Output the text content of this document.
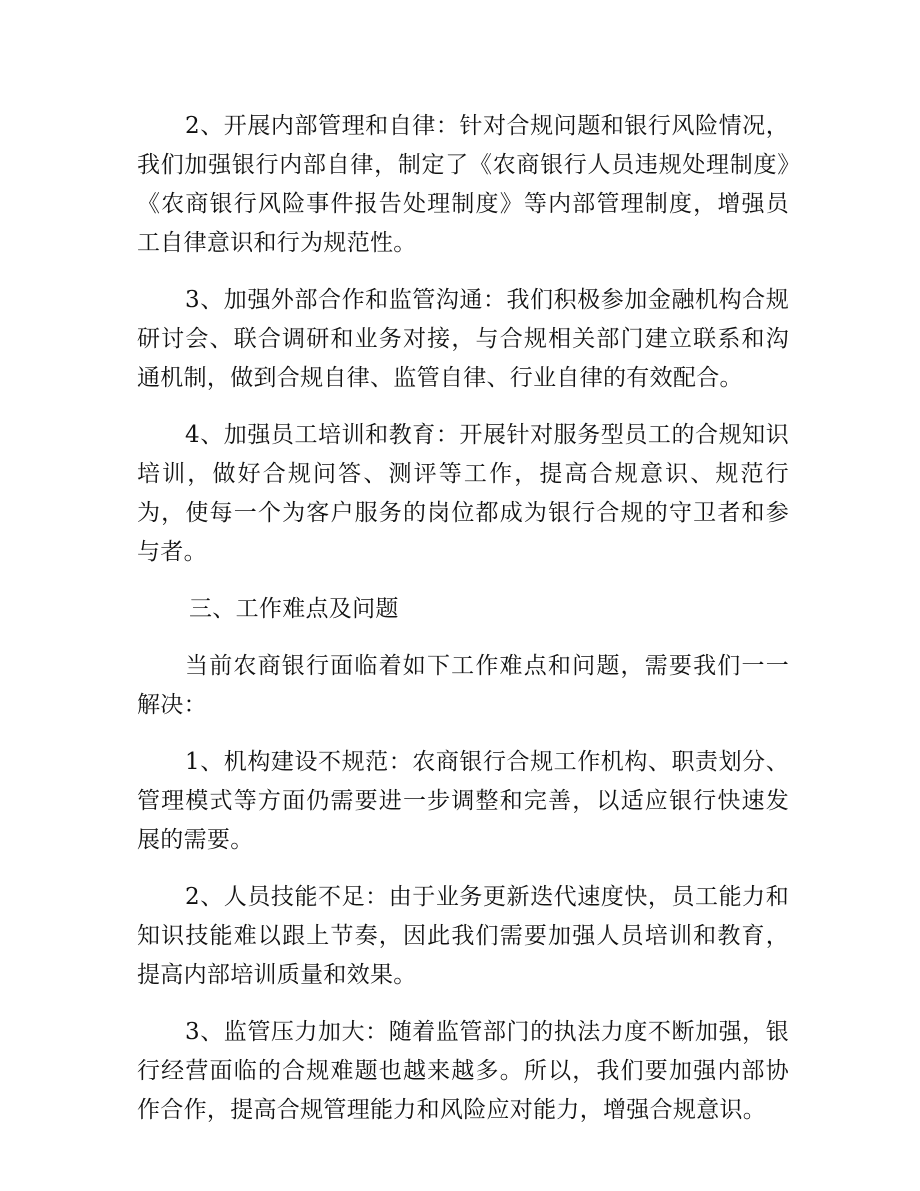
2、开展内部管理和自律：针对合规问题和银行风险情况，我们加强银行内部自律，制定了《农商银行人员违规处理制度》《农商银行风险事件报告处理制度》等内部管理制度，增强员工自律意识和行为规范性。

3、加强外部合作和监管沟通：我们积极参加金融机构合规研讨会、联合调研和业务对接，与合规相关部门建立联系和沟通机制，做到合规自律、监管自律、行业自律的有效配合。

4、加强员工培训和教育：开展针对服务型员工的合规知识培训，做好合规问答、测评等工作，提高合规意识、规范行为，使每一个为客户服务的岗位都成为银行合规的守卫者和参与者。

三、工作难点及问题

当前农商银行面临着如下工作难点和问题，需要我们一一解决：

1、机构建设不规范：农商银行合规工作机构、职责划分、管理模式等方面仍需要进一步调整和完善，以适应银行快速发展的需要。

2、人员技能不足：由于业务更新迭代速度快，员工能力和知识技能难以跟上节奏，因此我们需要加强人员培训和教育，提高内部培训质量和效果。

3、监管压力加大：随着监管部门的执法力度不断加强，银行经营面临的合规难题也越来越多。所以，我们要加强内部协作合作，提高合规管理能力和风险应对能力，增强合规意识。
